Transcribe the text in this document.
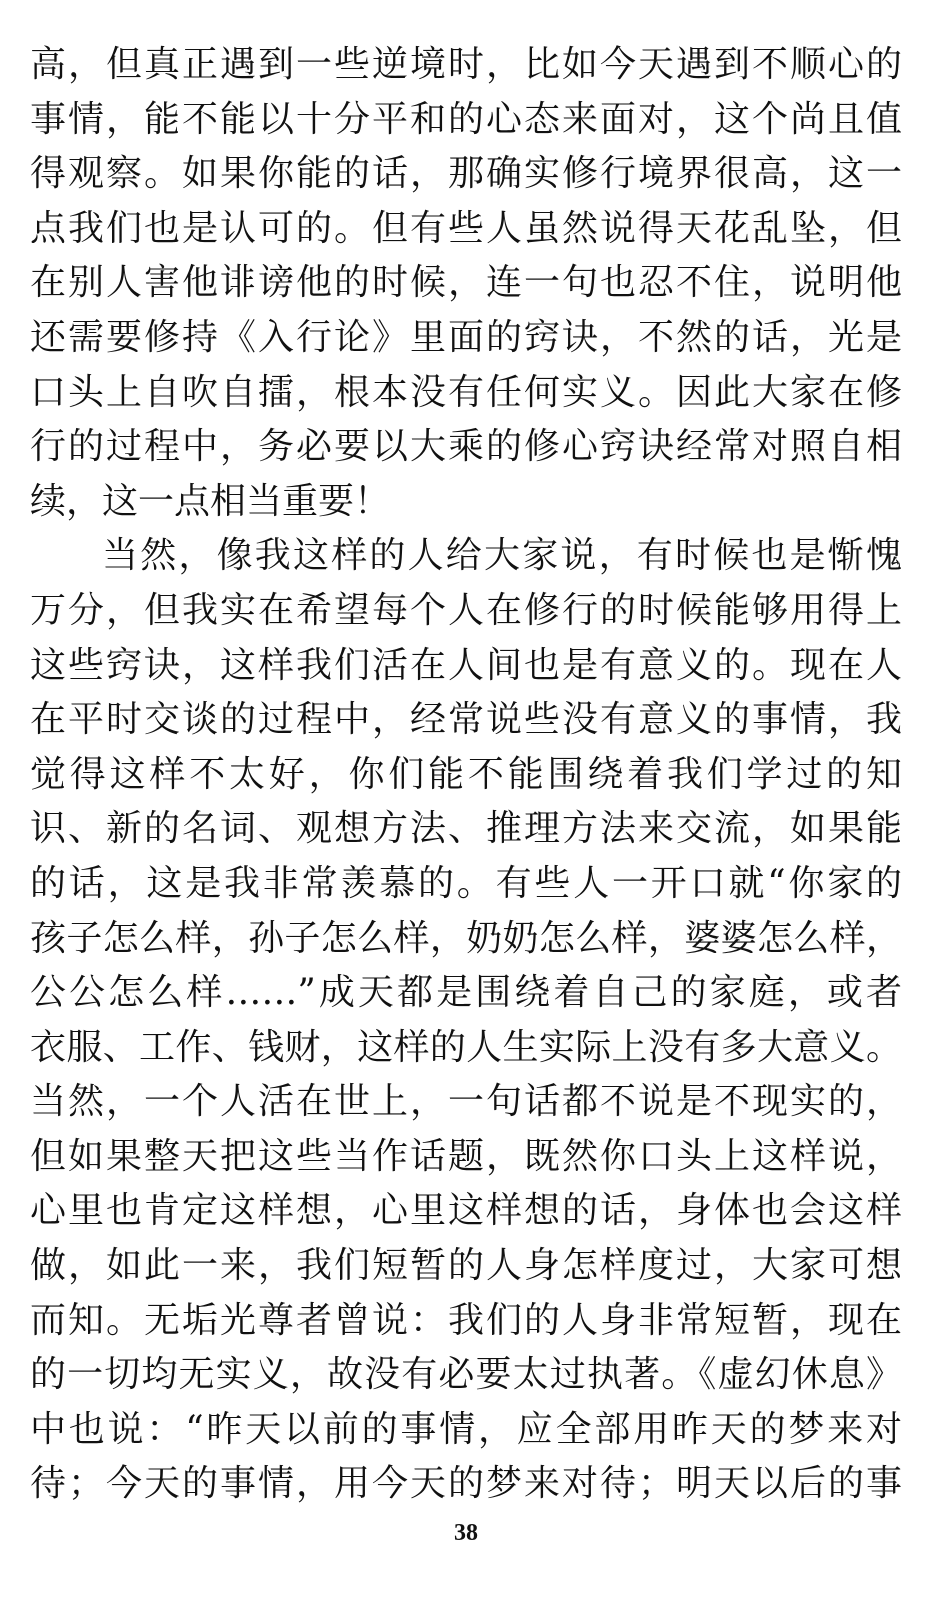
高，但真正遇到一些逆境时，比如今天遇到不顺心的
事情，能不能以十分平和的心态来面对，这个尚且值
得观察。如果你能的话，那确实修行境界很高，这一
点我们也是认可的。但有些人虽然说得天花乱坠，但
在别人害他诽谤他的时候，连一句也忍不住，说明他
还需要修持《入行论》里面的窍诀，不然的话，光是
口头上自吹自擂，根本没有任何实义。因此大家在修
行的过程中，务必要以大乘的修心窍诀经常对照自相
续，这一点相当重要！
当然，像我这样的人给大家说，有时候也是惭愧
万分，但我实在希望每个人在修行的时候能够用得上
这些窍诀，这样我们活在人间也是有意义的。现在人
在平时交谈的过程中，经常说些没有意义的事情，我
觉得这样不太好，你们能不能围绕着我们学过的知
识、新的名词、观想方法、推理方法来交流，如果能
的话，这是我非常羡慕的。有些人一开口就“你家的
孩子怎么样，孙子怎么样，奶奶怎么样，婆婆怎么样，
公公怎么样……”成天都是围绕着自己的家庭，或者
衣服、工作、钱财，这样的人生实际上没有多大意义。
当然，一个人活在世上，一句话都不说是不现实的，
但如果整天把这些当作话题，既然你口头上这样说，
心里也肯定这样想，心里这样想的话，身体也会这样
做，如此一来，我们短暂的人身怎样度过，大家可想
而知。无垢光尊者曾说：我们的人身非常短暂，现在
的一切均无实义，故没有必要太过执著。《虚幻休息》
中也说：“昨天以前的事情，应全部用昨天的梦来对
待；今天的事情，用今天的梦来对待；明天以后的事
38
